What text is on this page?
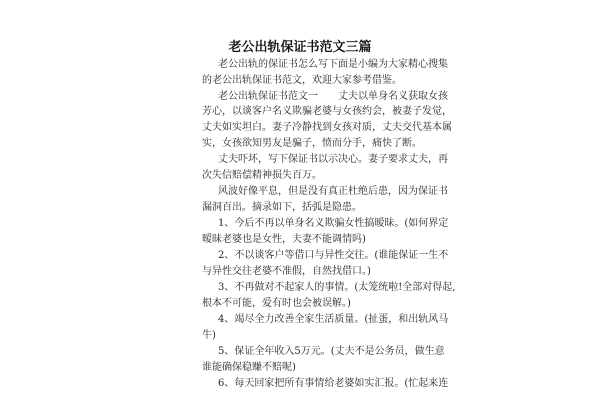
老公出轨保证书范文三篇
老公出轨的保证书怎么写下面是小编为大家精心搜集
的老公出轨保证书范文，欢迎大家参考借鉴。
老公出轨保证书范文一　　丈夫以单身名义获取女孩
芳心，以谈客户名义欺骗老婆与女孩约会，被妻子发觉，
丈夫如实坦白。妻子冷静找到女孩对质，丈夫交代基本属
实，女孩欲知男友是骗子，愤而分手，痛快了断。
丈夫吓坏，写下保证书以示决心。妻子要求丈夫，再
次失信赔偿精神损失百万。
风波好像平息，但是没有真正杜绝后患，因为保证书
漏洞百出。摘录如下，括弧是隐患。
1、今后不再以单身名义欺骗女性搞暧昧。(如何界定
暧昧老婆也是女性，夫妻不能调情吗)
2、不以谈客户等借口与异性交往。(谁能保证一生不
与异性交往老婆不准假，自然找借口。)
3、不再做对不起家人的事情。(太笼统啦!全部对得起,
根本不可能，爱有时也会被误解。)
4、竭尽全力改善全家生活质量。(扯蛋，和出轨风马
牛)
5、保证全年收入5万元。(丈夫不是公务员，做生意
谁能确保稳赚不赔呢)
6、每天回家把所有事情给老婆如实汇报。(忙起来连
